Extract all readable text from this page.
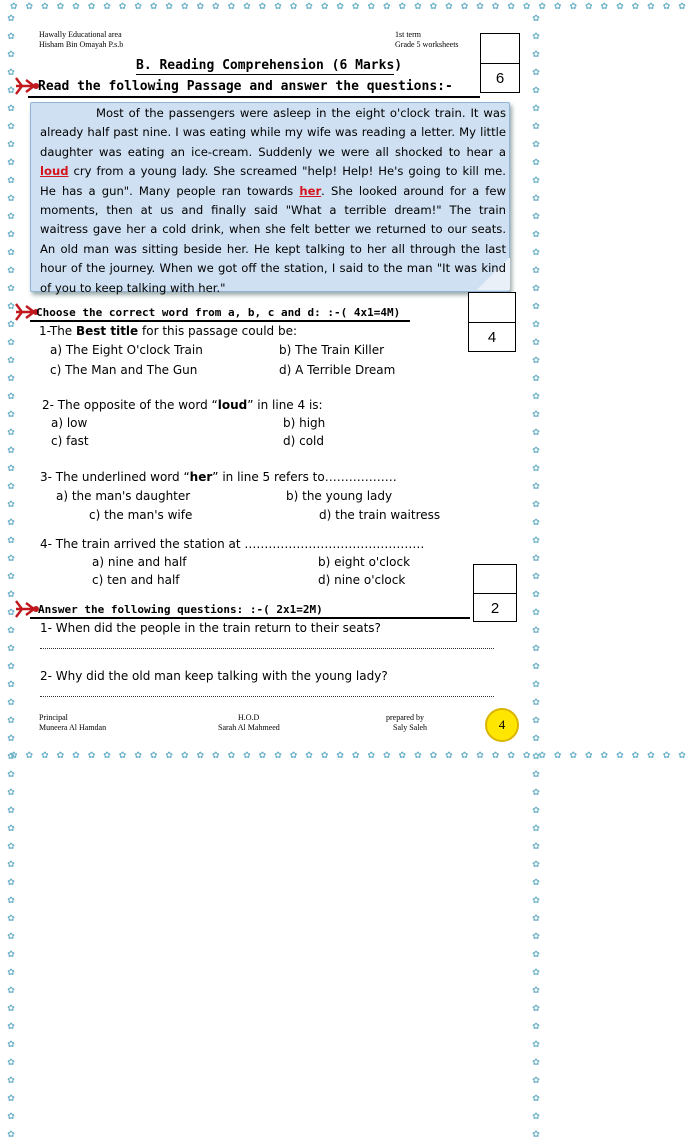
✿✿✿✿✿✿✿✿✿✿✿✿✿✿✿✿✿✿✿✿✿✿✿✿✿✿✿✿✿✿✿✿✿✿✿✿✿✿✿✿✿✿✿✿
✿✿✿✿✿✿✿✿✿✿✿✿✿✿✿✿✿✿✿✿✿✿✿✿✿✿✿✿✿✿✿✿✿✿✿✿✿✿✿✿✿✿✿✿
✿✿✿✿✿✿✿✿✿✿✿✿✿✿✿✿✿✿✿✿✿✿✿✿✿✿✿✿✿✿✿✿✿✿✿✿✿✿✿✿✿✿✿✿✿✿✿✿✿✿✿✿✿✿✿✿✿✿✿✿✿✿✿	✿✿✿✿✿✿✿✿✿✿✿✿✿✿✿✿✿✿✿✿✿✿✿✿✿✿✿✿✿✿✿✿✿✿✿✿✿✿✿✿✿✿✿✿✿✿✿✿✿✿✿✿✿✿✿✿✿✿✿✿✿✿✿
Hawally Educational area
Hisham Bin Omayah P.s.b
1st term
Grade 5 worksheets
6
B. Reading Comprehension (6 Marks)
Read the following Passage and answer the questions:-
Most of the passengers were asleep in the eight o'clock train. It was already half past nine. I was eating while my wife was reading a letter. My little daughter was eating an ice-cream. Suddenly we were all shocked to hear a loud cry from a young lady. She screamed "help! Help! He's going to kill me. He has a gun". Many people ran towards her. She looked around for a few moments, then at us and finally said "What a terrible dream!" The train waitress gave her a cold drink, when she felt better we returned to our seats. An old man was sitting beside her. He kept talking to her all through the last hour of the journey. When we got off the station, I said to the man "It was kind of you to keep talking with her."
4
Choose the correct word from a, b, c and d: :-( 4x1=4M)
1-The Best title for this passage could be:
a) The Eight O'clock Train	b) The Train Killer
c) The Man and The Gun	d) A Terrible Dream
2- The opposite of the word “loud” in line 4 is:
a) low	b) high
c) fast	d) cold
3- The underlined word “her” in line 5 refers to………………
a) the man's daughter	b) the young lady
c) the man's wife	d) the train waitress
4- The train arrived the station at ………………………………………
a) nine and half	b) eight o'clock
c) ten and half	d) nine o'clock
2
Answer the following questions: :-( 2x1=2M)
1- When did the people in the train return to their seats?
2- Why did the old man keep talking with the young lady?
Principal
Muneera Al Hamdan
H.O.D
Sarah Al Mahmeed
prepared by
Saly Saleh	4
